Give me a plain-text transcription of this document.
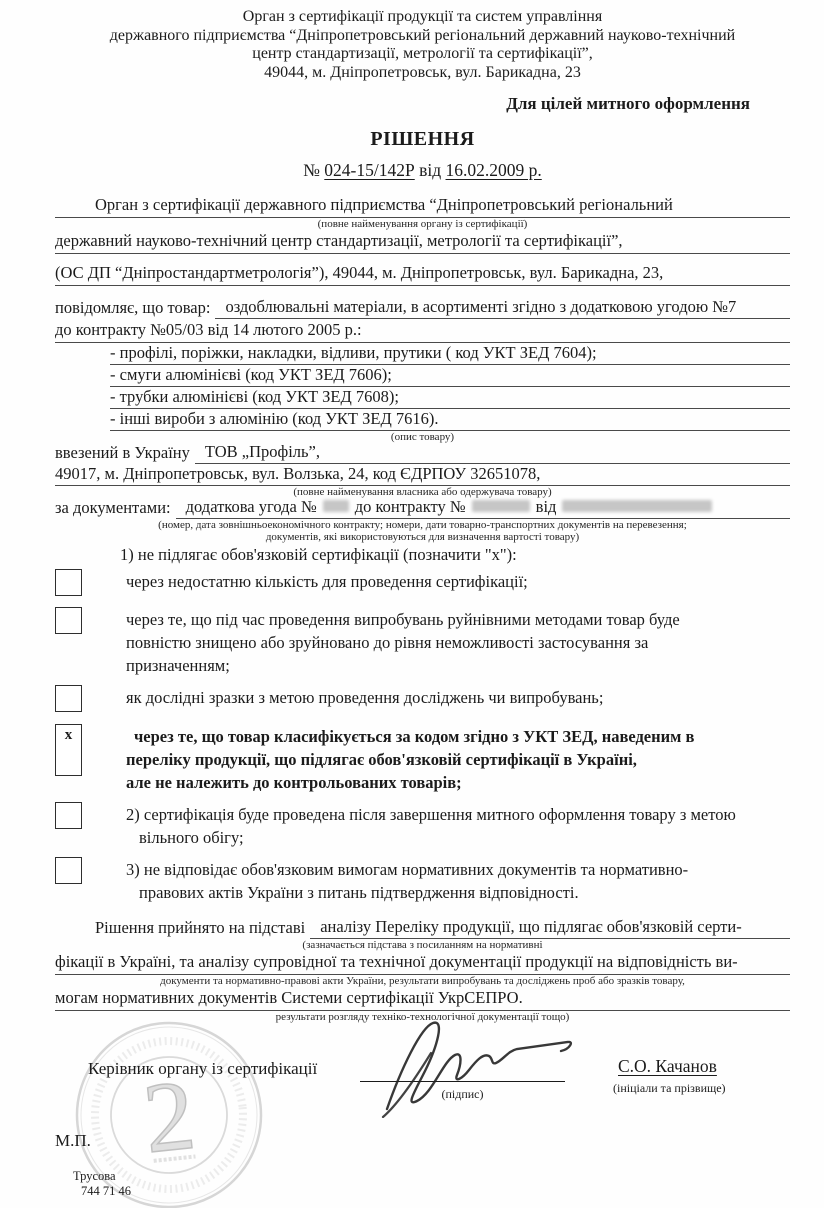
Орган з сертифікації продукції та систем управління
державного підприємства “Дніпропетровський регіональний державний науково-технічний
центр стандартизації, метрології та сертифікації”,
49044, м. Дніпропетровськ, вул. Барикадна, 23
Для цілей митного оформлення
РІШЕННЯ
№ 024-15/142Р від 16.02.2009 р.
Орган з сертифікації державного підприємства “Дніпропетровський регіональний
(повне найменування органу із сертифікації)
державний науково-технічний центр стандартизації, метрології та сертифікації”,
(ОС ДП “Дніпростандартметрологія”), 49044, м. Дніпропетровськ, вул. Барикадна, 23,
повідомляє, що товар: оздоблювальні матеріали, в асортименті згідно з додатковою угодою №7
до контракту №05/03 від 14 лютого 2005 р.:
- профілі, поріжки, накладки, відливи, прутики ( код УКТ ЗЕД 7604);
- смуги алюмінієві (код УКТ ЗЕД 7606);
- трубки алюмінієві (код УКТ ЗЕД 7608);
- інші вироби з алюмінію (код УКТ ЗЕД 7616).
(опис товару)
ввезений в Україну ТОВ „Профіль”,
49017, м. Дніпропетровськ, вул. Волзька, 24, код ЄДРПОУ 32651078,
(повне найменування власника або одержувача товару)
за документами: додаткова угода № до контракту №	від
(номер, дата зовнішньоекономічного контракту; номери, дати товарно-транспортних документів на перевезення;
документів, які використовуються для визначення вартості товару)
1) не підлягає обов'язковій сертифікації (позначити "х"):
через недостатню кількість для проведення сертифікації;
через те, що під час проведення випробувань руйнівними методами товар буде
повністю знищено або зруйновано до рівня неможливості застосування за
призначенням;
як дослідні зразки з метою проведення досліджень чи випробувань;
х	через те, що товар класифікується за кодом згідно з УКТ ЗЕД, наведеним в
переліку продукції, що підлягає обов'язковій сертифікації в Україні,
але не належить до контрольованих товарів;
2) сертифікація буде проведена після завершення митного оформлення товару з метою
вільного обігу;
3) не відповідає обов'язковим вимогам нормативних документів та нормативно-
правових актів України з питань підтвердження відповідності.
Рішення прийнято на підставі аналізу Переліку продукції, що підлягає обов'язковій серти-
(зазначається підстава з посиланням на нормативні
фікації в Україні, та аналізу супровідної та технічної документації продукції на відповідність ви-
документи та нормативно-правові акти України, результати випробувань та досліджень проб або зразків товару,
могам нормативних документів Системи сертифікації УкрСЕПРО.
результати розгляду техніко-технологічної документації тощо)
2
Керівник органу із сертифікації
(підпис)
С.О. Качанов
(ініціали та прізвище)
М.П.
Трусова
744 71 46
